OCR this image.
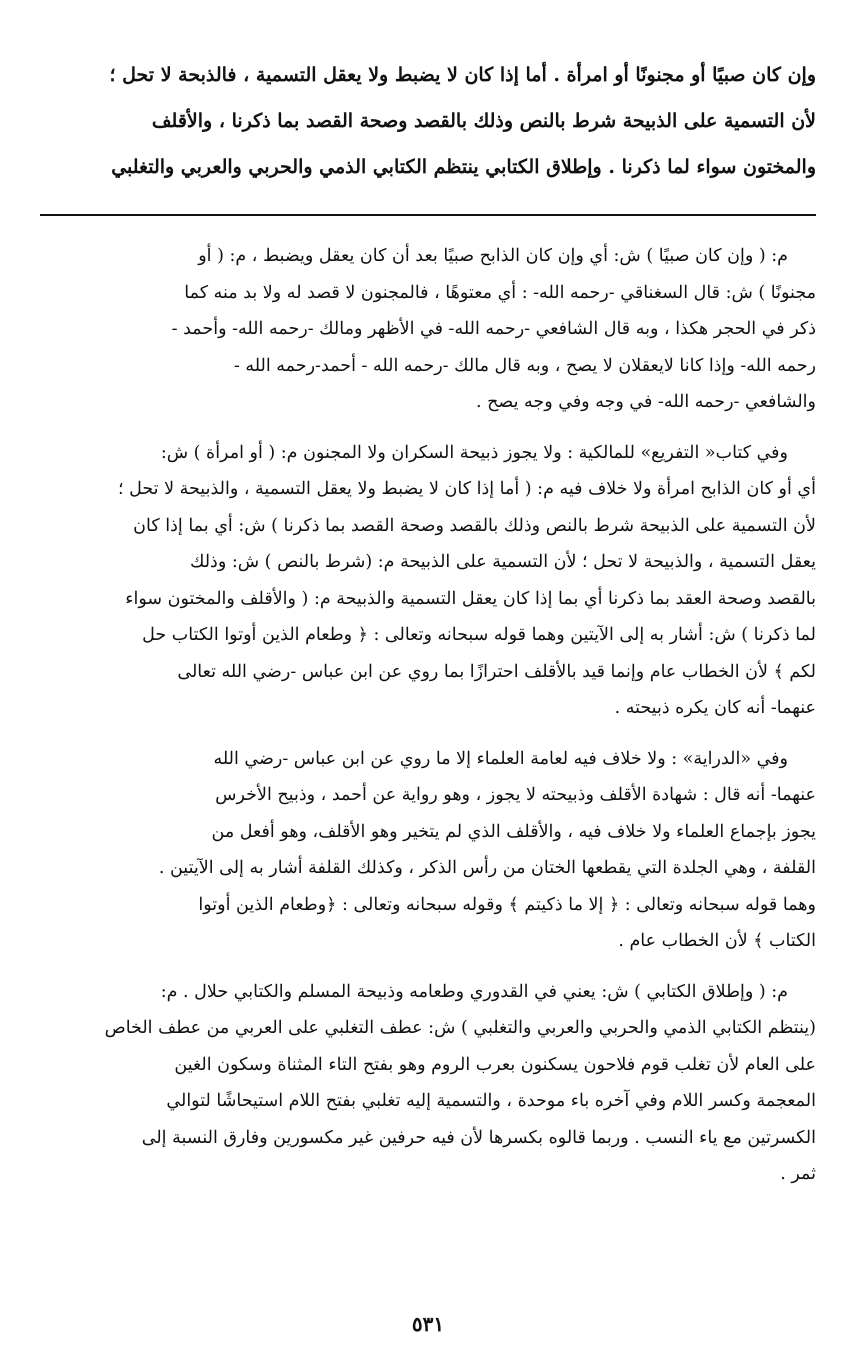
وإن كان صبيًا أو مجنونًا أو امرأة . أما إذا كان لا يضبط ولا يعقل التسمية ، فالذبحة لا تحل ؛
لأن التسمية على الذبيحة شرط بالنص وذلك بالقصد وصحة القصد بما ذكرنا ، والأقلف
والمختون سواء لما ذكرنا . وإطلاق الكتابي ينتظم الكتابي الذمي والحربي والعربي والتغلبي

م: ( وإن كان صبيًا ) ش: أي وإن كان الذابح صبيًا بعد أن كان يعقل ويضبط ، م: ( أو
مجنونًا ) ش: قال السغناقي -رحمه الله- : أي معتوهًا ، فالمجنون لا قصد له ولا بد منه كما
ذكر في الحجر هكذا ، وبه قال الشافعي -رحمه الله- في الأظهر ومالك -رحمه الله- وأحمد -
رحمه الله- وإذا كانا لايعقلان لا يصح ، وبه قال مالك -رحمه الله - أحمد-رحمه الله -
والشافعي -رحمه الله- في وجه وفي وجه يصح .

وفي كتاب« التفريع» للمالكية : ولا يجوز ذبيحة السكران ولا المجنون م: ( أو امرأة ) ش:
أي أو كان الذابح امرأة ولا خلاف فيه م: ( أما إذا كان لا يضبط ولا يعقل التسمية ، والذبيحة لا تحل ؛
لأن التسمية على الذبيحة شرط بالنص وذلك بالقصد وصحة القصد بما ذكرنا ) ش: أي بما إذا كان
يعقل التسمية ، والذبيحة لا تحل ؛ لأن التسمية على الذبيحة م: (شرط بالنص ) ش: وذلك
بالقصد وصحة العقد بما ذكرنا أي بما إذا كان يعقل التسمية والذبيحة م: ( والأقلف والمختون سواء
لما ذكرنا ) ش: أشار به إلى الآيتين وهما قوله سبحانه وتعالى : ﴿ وطعام الذين أوتوا الكتاب حل
لكم ﴾ لأن الخطاب عام وإنما قيد بالأقلف احترازًا بما روي عن ابن عباس -رضي الله تعالى
عنهما- أنه كان يكره ذبيحته .

وفي «الدراية» : ولا خلاف فيه لعامة العلماء إلا ما روي عن ابن عباس -رضي الله
عنهما- أنه قال : شهادة الأقلف وذبيحته لا يجوز ، وهو رواية عن أحمد ، وذبيح الأخرس
يجوز بإجماع العلماء ولا خلاف فيه ، والأقلف الذي لم يتخير وهو الأقلف، وهو أفعل من
القلفة ، وهي الجلدة التي يقطعها الختان من رأس الذكر ، وكذلك القلفة أشار به إلى الآيتين .
وهما قوله سبحانه وتعالى : ﴿ إلا ما ذكيتم ﴾ وقوله سبحانه وتعالى : ﴿وطعام الذين أوتوا
الكتاب ﴾ لأن الخطاب عام .

م: ( وإطلاق الكتابي ) ش: يعني في القدوري وطعامه وذبيحة المسلم والكتابي حلال . م:
(ينتظم الكتابي الذمي والحربي والعربي والتغلبي ) ش: عطف التغلبي على العربي من عطف الخاص
على العام لأن تغلب قوم فلاحون يسكنون بعرب الروم وهو بفتح التاء المثناة وسكون الغين
المعجمة وكسر اللام وفي آخره باء موحدة ، والتسمية إليه تغلبي بفتح اللام استيحاشًا لتوالي
الكسرتين مع ياء النسب . وربما قالوه بكسرها لأن فيه حرفين غير مكسورين وفارق النسبة إلى
ثمر .

٥٣١
